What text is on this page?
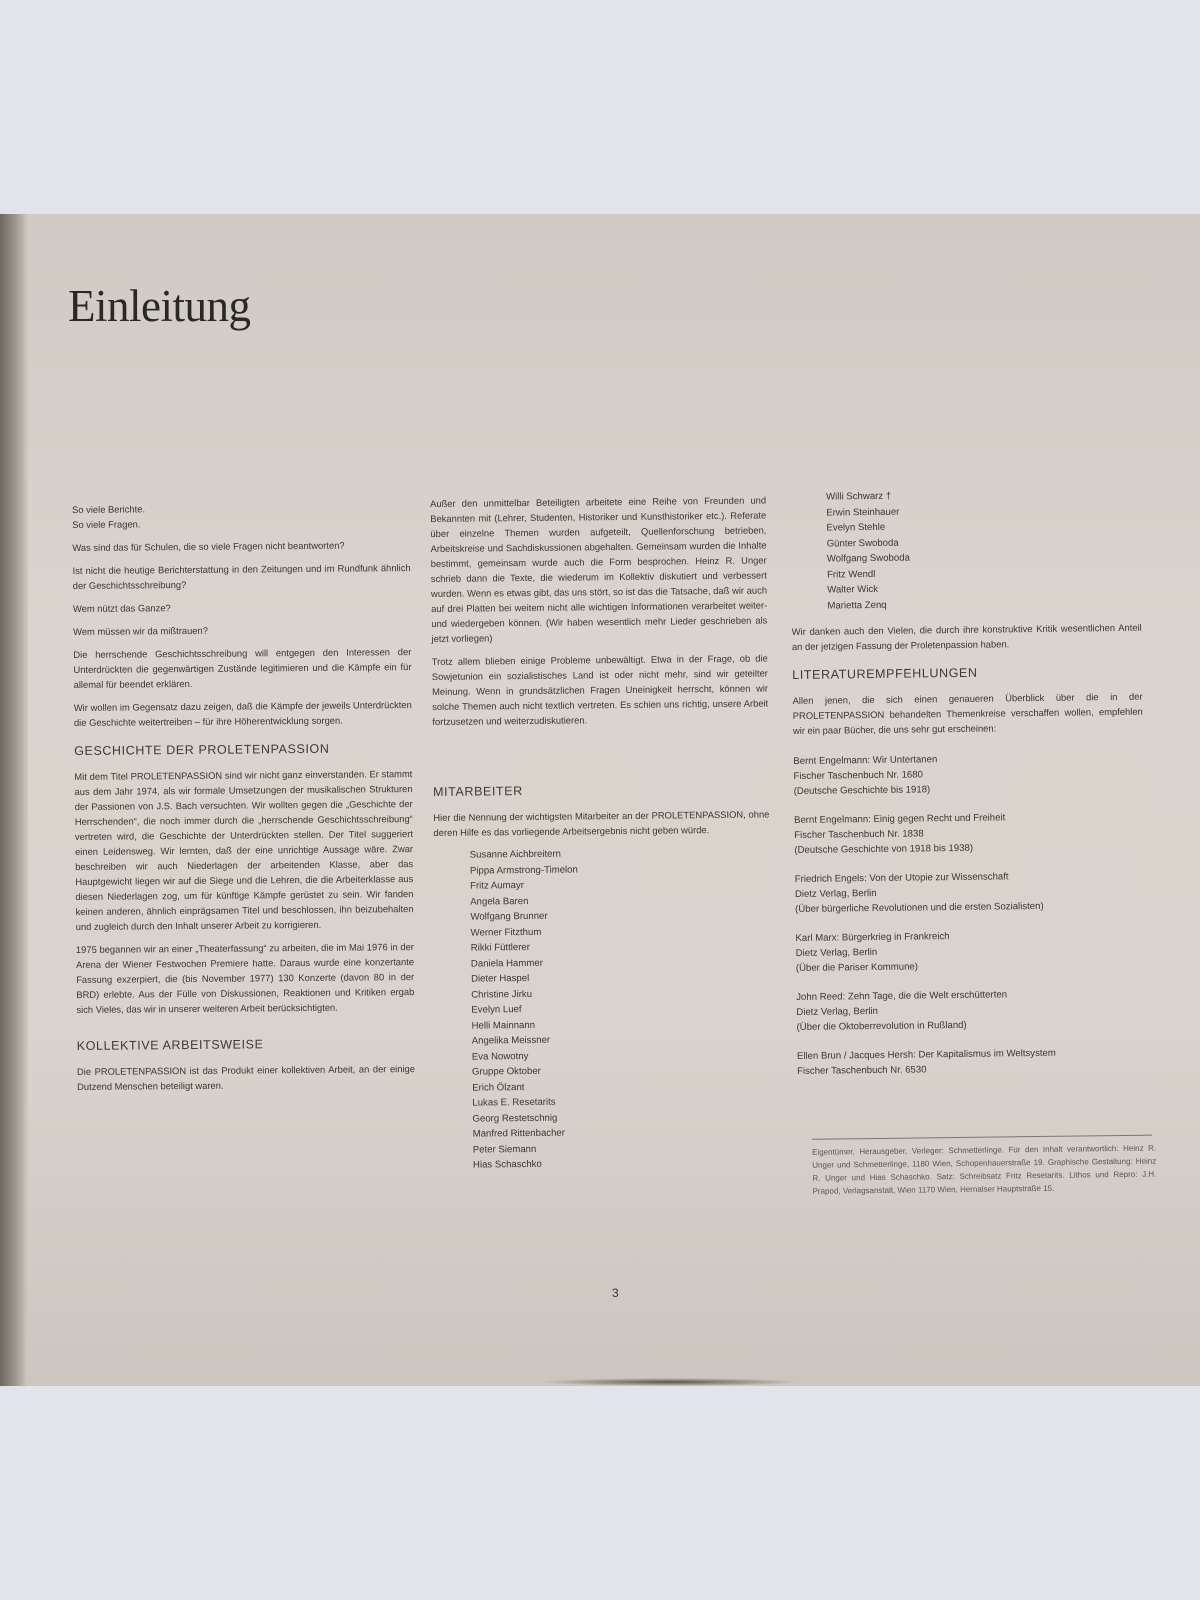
Einleitung

So viele Berichte.

So viele Fragen.

Was sind das für Schulen, die so viele Fragen nicht beantworten?

Ist nicht die heutige Berichterstattung in den Zeitungen und im Rundfunk ähnlich der Geschichtsschreibung?

Wem nützt das Ganze?

Wem müssen wir da mißtrauen?

Die herrschende Geschichtsschreibung will entgegen den Interessen der Unterdrückten die gegenwärtigen Zustände legitimieren und die Kämpfe ein für allemal für beendet erklären.

Wir wollen im Gegensatz dazu zeigen, daß die Kämpfe der jeweils Unterdrückten die Geschichte weitertreiben – für ihre Höherentwicklung sorgen.

GESCHICHTE DER PROLETENPASSION

Mit dem Titel PROLETENPASSION sind wir nicht ganz einverstanden. Er stammt aus dem Jahr 1974, als wir formale Umsetzungen der musikalischen Strukturen der Passionen von J.S. Bach versuchten. Wir wollten gegen die „Geschichte der Herrschenden“, die noch immer durch die „herrschende Geschichtsschreibung“ vertreten wird, die Geschichte der Unterdrückten stellen. Der Titel suggeriert einen Leidensweg. Wir lernten, daß der eine unrichtige Aussage wäre. Zwar beschreiben wir auch Niederlagen der arbeitenden Klasse, aber das Hauptgewicht liegen wir auf die Siege und die Lehren, die die Arbeiterklasse aus diesen Niederlagen zog, um für künftige Kämpfe gerüstet zu sein. Wir fanden keinen anderen, ähnlich einprägsamen Titel und beschlossen, ihn beizubehalten und zugleich durch den Inhalt unserer Arbeit zu korrigieren.

1975 begannen wir an einer „Theaterfassung“ zu arbeiten, die im Mai 1976 in der Arena der Wiener Festwochen Premiere hatte. Daraus wurde eine konzertante Fassung exzerpiert, die (bis November 1977) 130 Konzerte (davon 80 in der BRD) erlebte. Aus der Fülle von Diskussionen, Reaktionen und Kritiken ergab sich Vieles, das wir in unserer weiteren Arbeit berücksichtigten.

KOLLEKTIVE ARBEITSWEISE

Die PROLETENPASSION ist das Produkt einer kollektiven Arbeit, an der einige Dutzend Menschen beteiligt waren.

Außer den unmittelbar Beteiligten arbeitete eine Reihe von Freunden und Bekannten mit (Lehrer, Studenten, Historiker und Kunsthistoriker etc.). Referate über einzelne Themen wurden aufgeteilt, Quellenforschung betrieben, Arbeitskreise und Sachdiskussionen abgehalten. Gemeinsam wurden die Inhalte bestimmt, gemeinsam wurde auch die Form besprochen. Heinz R. Unger schrieb dann die Texte, die wiederum im Kollektiv diskutiert und verbessert wurden. Wenn es etwas gibt, das uns stört, so ist das die Tatsache, daß wir auch auf drei Platten bei weitem nicht alle wichtigen Informationen verarbeitet weiter- und wiedergeben können. (Wir haben wesentlich mehr Lieder geschrieben als jetzt vorliegen)

Trotz allem blieben einige Probleme unbewältigt. Etwa in der Frage, ob die Sowjetunion ein sozialistisches Land ist oder nicht mehr, sind wir geteilter Meinung. Wenn in grundsätzlichen Fragen Uneinigkeit herrscht, können wir solche Themen auch nicht textlich vertreten. Es schien uns richtig, unsere Arbeit fortzusetzen und weiterzudiskutieren.

MITARBEITER

Hier die Nennung der wichtigsten Mitarbeiter an der PROLETENPASSION, ohne deren Hilfe es das vorliegende Arbeitsergebnis nicht geben würde.

Susanne Aichbreitern
Pippa Armstrong-Timelon
Fritz Aumayr
Angela Baren
Wolfgang Brunner
Werner Fitzthum
Rikki Füttlerer
Daniela Hammer
Dieter Haspel
Christine Jirku
Evelyn Luef
Helli Mainnann
Angelika Meissner
Eva Nowotny
Gruppe Oktober
Erich Ölzant
Lukas E. Resetarits
Georg Restetschnig
Manfred Rittenbacher
Peter Siemann
Hias Schaschko
Willi Schwarz †
Erwin Steinhauer
Evelyn Stehle
Günter Swoboda
Wolfgang Swoboda
Fritz Wendl
Walter Wick
Marietta Zenq

Wir danken auch den Vielen, die durch ihre konstruktive Kritik wesentlichen Anteil an der jetzigen Fassung der Proletenpassion haben.

LITERATUREMPFEHLUNGEN

Allen jenen, die sich einen genaueren Überblick über die in der PROLETENPASSION behandelten Themenkreise verschaffen wollen, empfehlen wir ein paar Bücher, die uns sehr gut erscheinen:

Bernt Engelmann: Wir Untertanen
Fischer Taschenbuch Nr. 1680
(Deutsche Geschichte bis 1918)
Bernt Engelmann: Einig gegen Recht und Freiheit
Fischer Taschenbuch Nr. 1838
(Deutsche Geschichte von 1918 bis 1938)
Friedrich Engels: Von der Utopie zur Wissenschaft
Dietz Verlag, Berlin
(Über bürgerliche Revolutionen und die ersten Sozialisten)
Karl Marx: Bürgerkrieg in Frankreich
Dietz Verlag, Berlin
(Über die Pariser Kommune)
John Reed: Zehn Tage, die die Welt erschütterten
Dietz Verlag, Berlin
(Über die Oktoberrevolution in Rußland)
Ellen Brun / Jacques Hersh: Der Kapitalismus im Weltsystem
Fischer Taschenbuch Nr. 6530
Eigentümer, Herausgeber, Verleger: Schmetterlinge. Für den Inhalt verantwortlich: Heinz R. Unger und Schmetterlinge, 1180 Wien, Schopenhauerstraße 19. Graphische Gestaltung: Heinz R. Unger und Hias Schaschko. Satz: Schreibsatz Fritz Resetarits. Lithos und Repro: J.H. Prapod, Verlagsanstalt, Wien 1170 Wien, Hernalser Hauptstraße 15.
3
